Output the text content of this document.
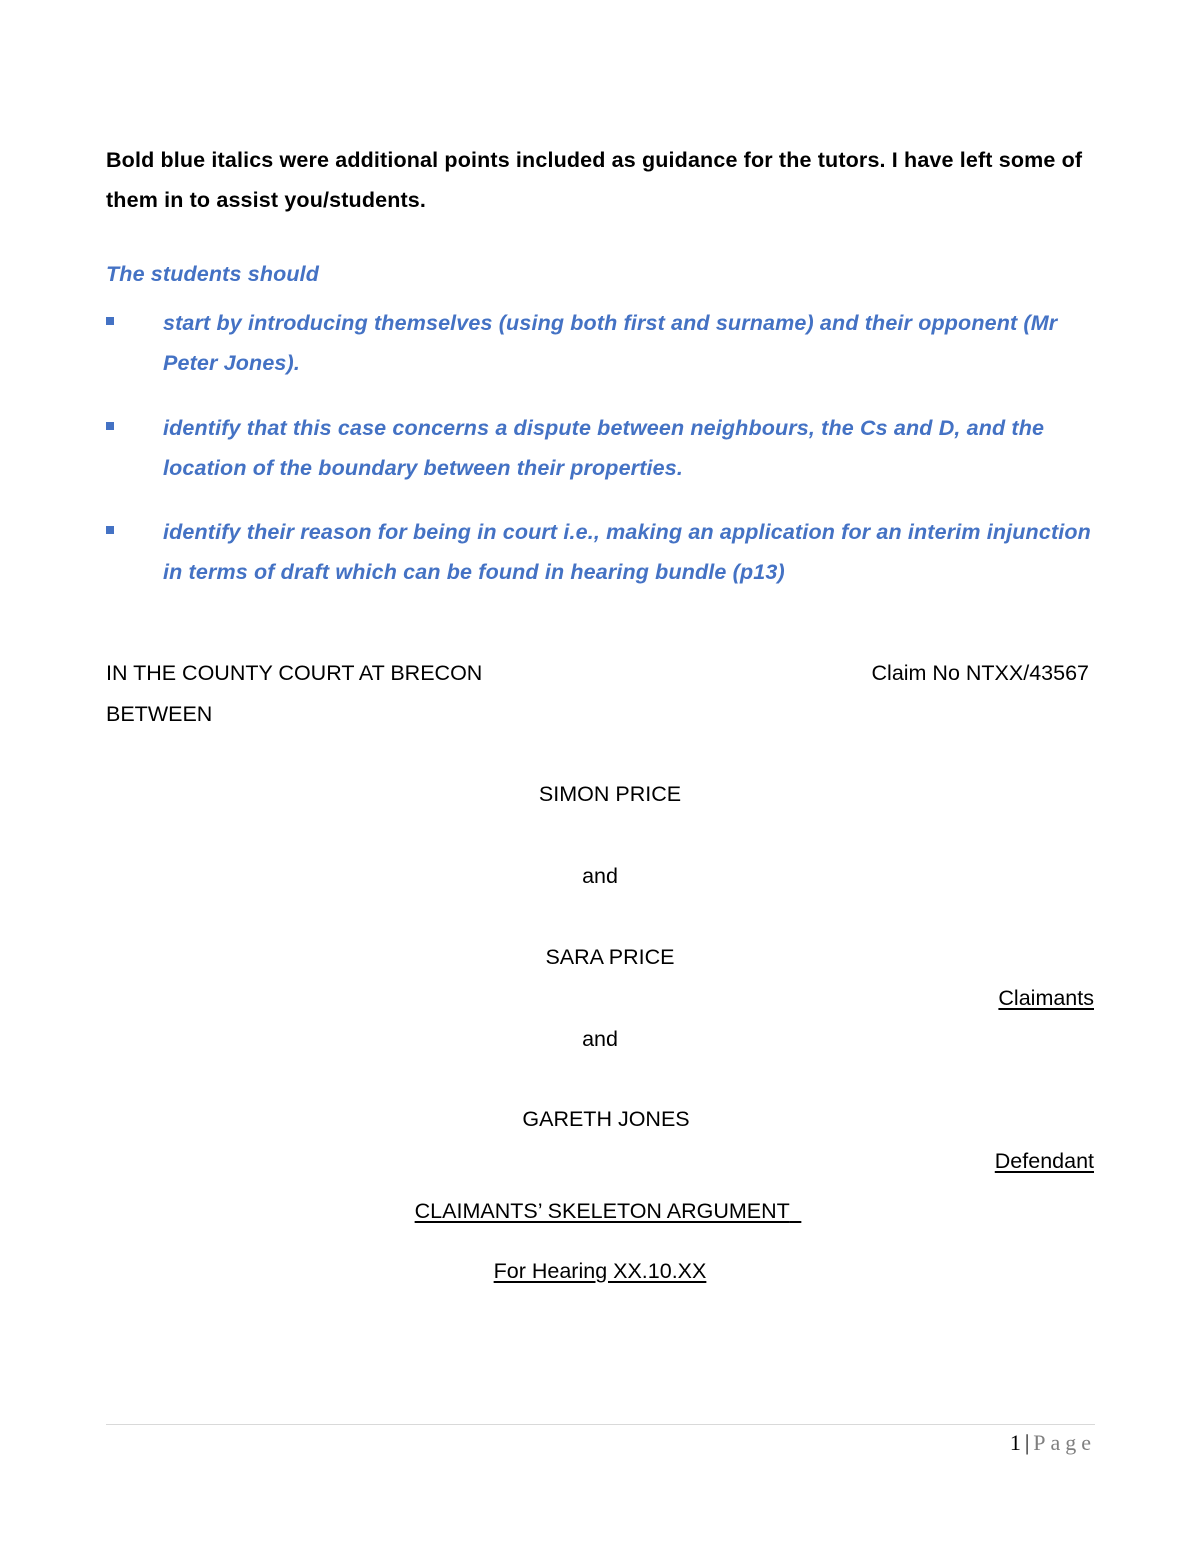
Bold blue italics were additional points included as guidance for the tutors. I have left some of them in to assist you/students.
The students should
start by introducing themselves (using both first and surname) and their opponent (Mr Peter Jones).
identify that this case concerns a dispute between neighbours, the Cs and D, and the location of the boundary between their properties.
identify their reason for being in court i.e., making an application for an interim injunction in terms of draft which can be found in hearing bundle (p13)
IN THE COUNTY COURT AT BRECON	Claim No NTXX/43567
BETWEEN
SIMON PRICE
and
SARA PRICE
Claimants
and
GARETH JONES
Defendant
CLAIMANTS’ SKELETON ARGUMENT
For Hearing XX.10.XX
1 | Page
